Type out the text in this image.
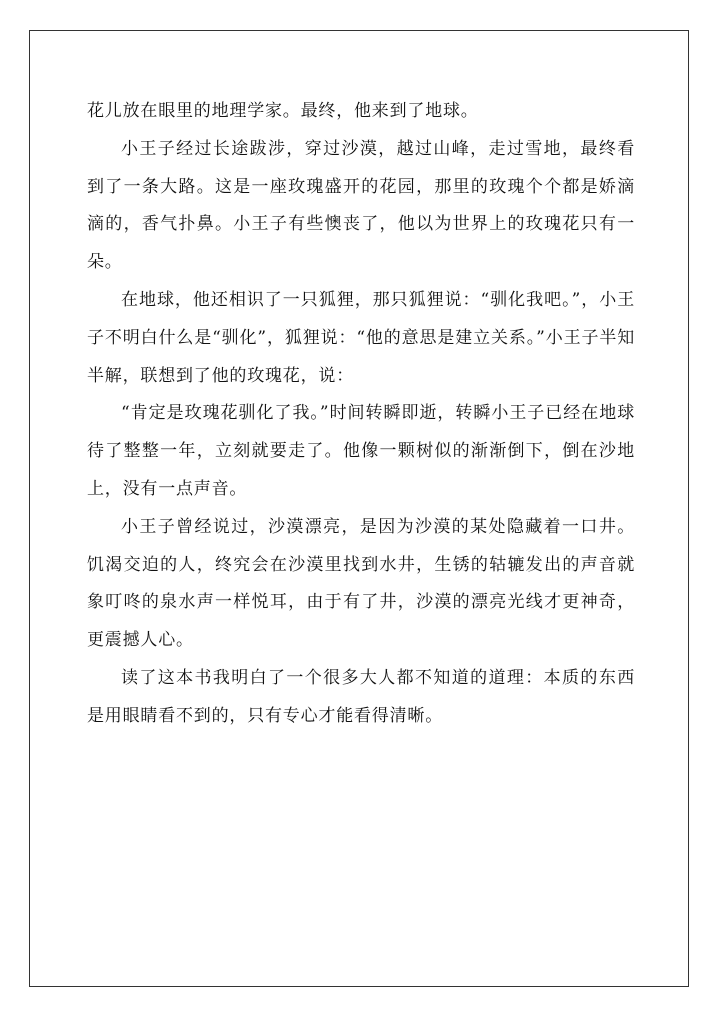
花儿放在眼里的地理学家。最终，他来到了地球。

小王子经过长途跋涉，穿过沙漠，越过山峰，走过雪地，最终看到了一条大路。这是一座玫瑰盛开的花园，那里的玫瑰个个都是娇滴滴的，香气扑鼻。小王子有些懊丧了，他以为世界上的玫瑰花只有一朵。

在地球，他还相识了一只狐狸，那只狐狸说：“驯化我吧。”，小王子不明白什么是“驯化”，狐狸说：“他的意思是建立关系。”小王子半知半解，联想到了他的玫瑰花，说：

“肯定是玫瑰花驯化了我。”时间转瞬即逝，转瞬小王子已经在地球待了整整一年，立刻就要走了。他像一颗树似的渐渐倒下，倒在沙地上，没有一点声音。

小王子曾经说过，沙漠漂亮，是因为沙漠的某处隐藏着一口井。饥渴交迫的人，终究会在沙漠里找到水井，生锈的轱辘发出的声音就象叮咚的泉水声一样悦耳，由于有了井，沙漠的漂亮光线才更神奇，更震撼人心。

读了这本书我明白了一个很多大人都不知道的道理：本质的东西是用眼睛看不到的，只有专心才能看得清晰。
